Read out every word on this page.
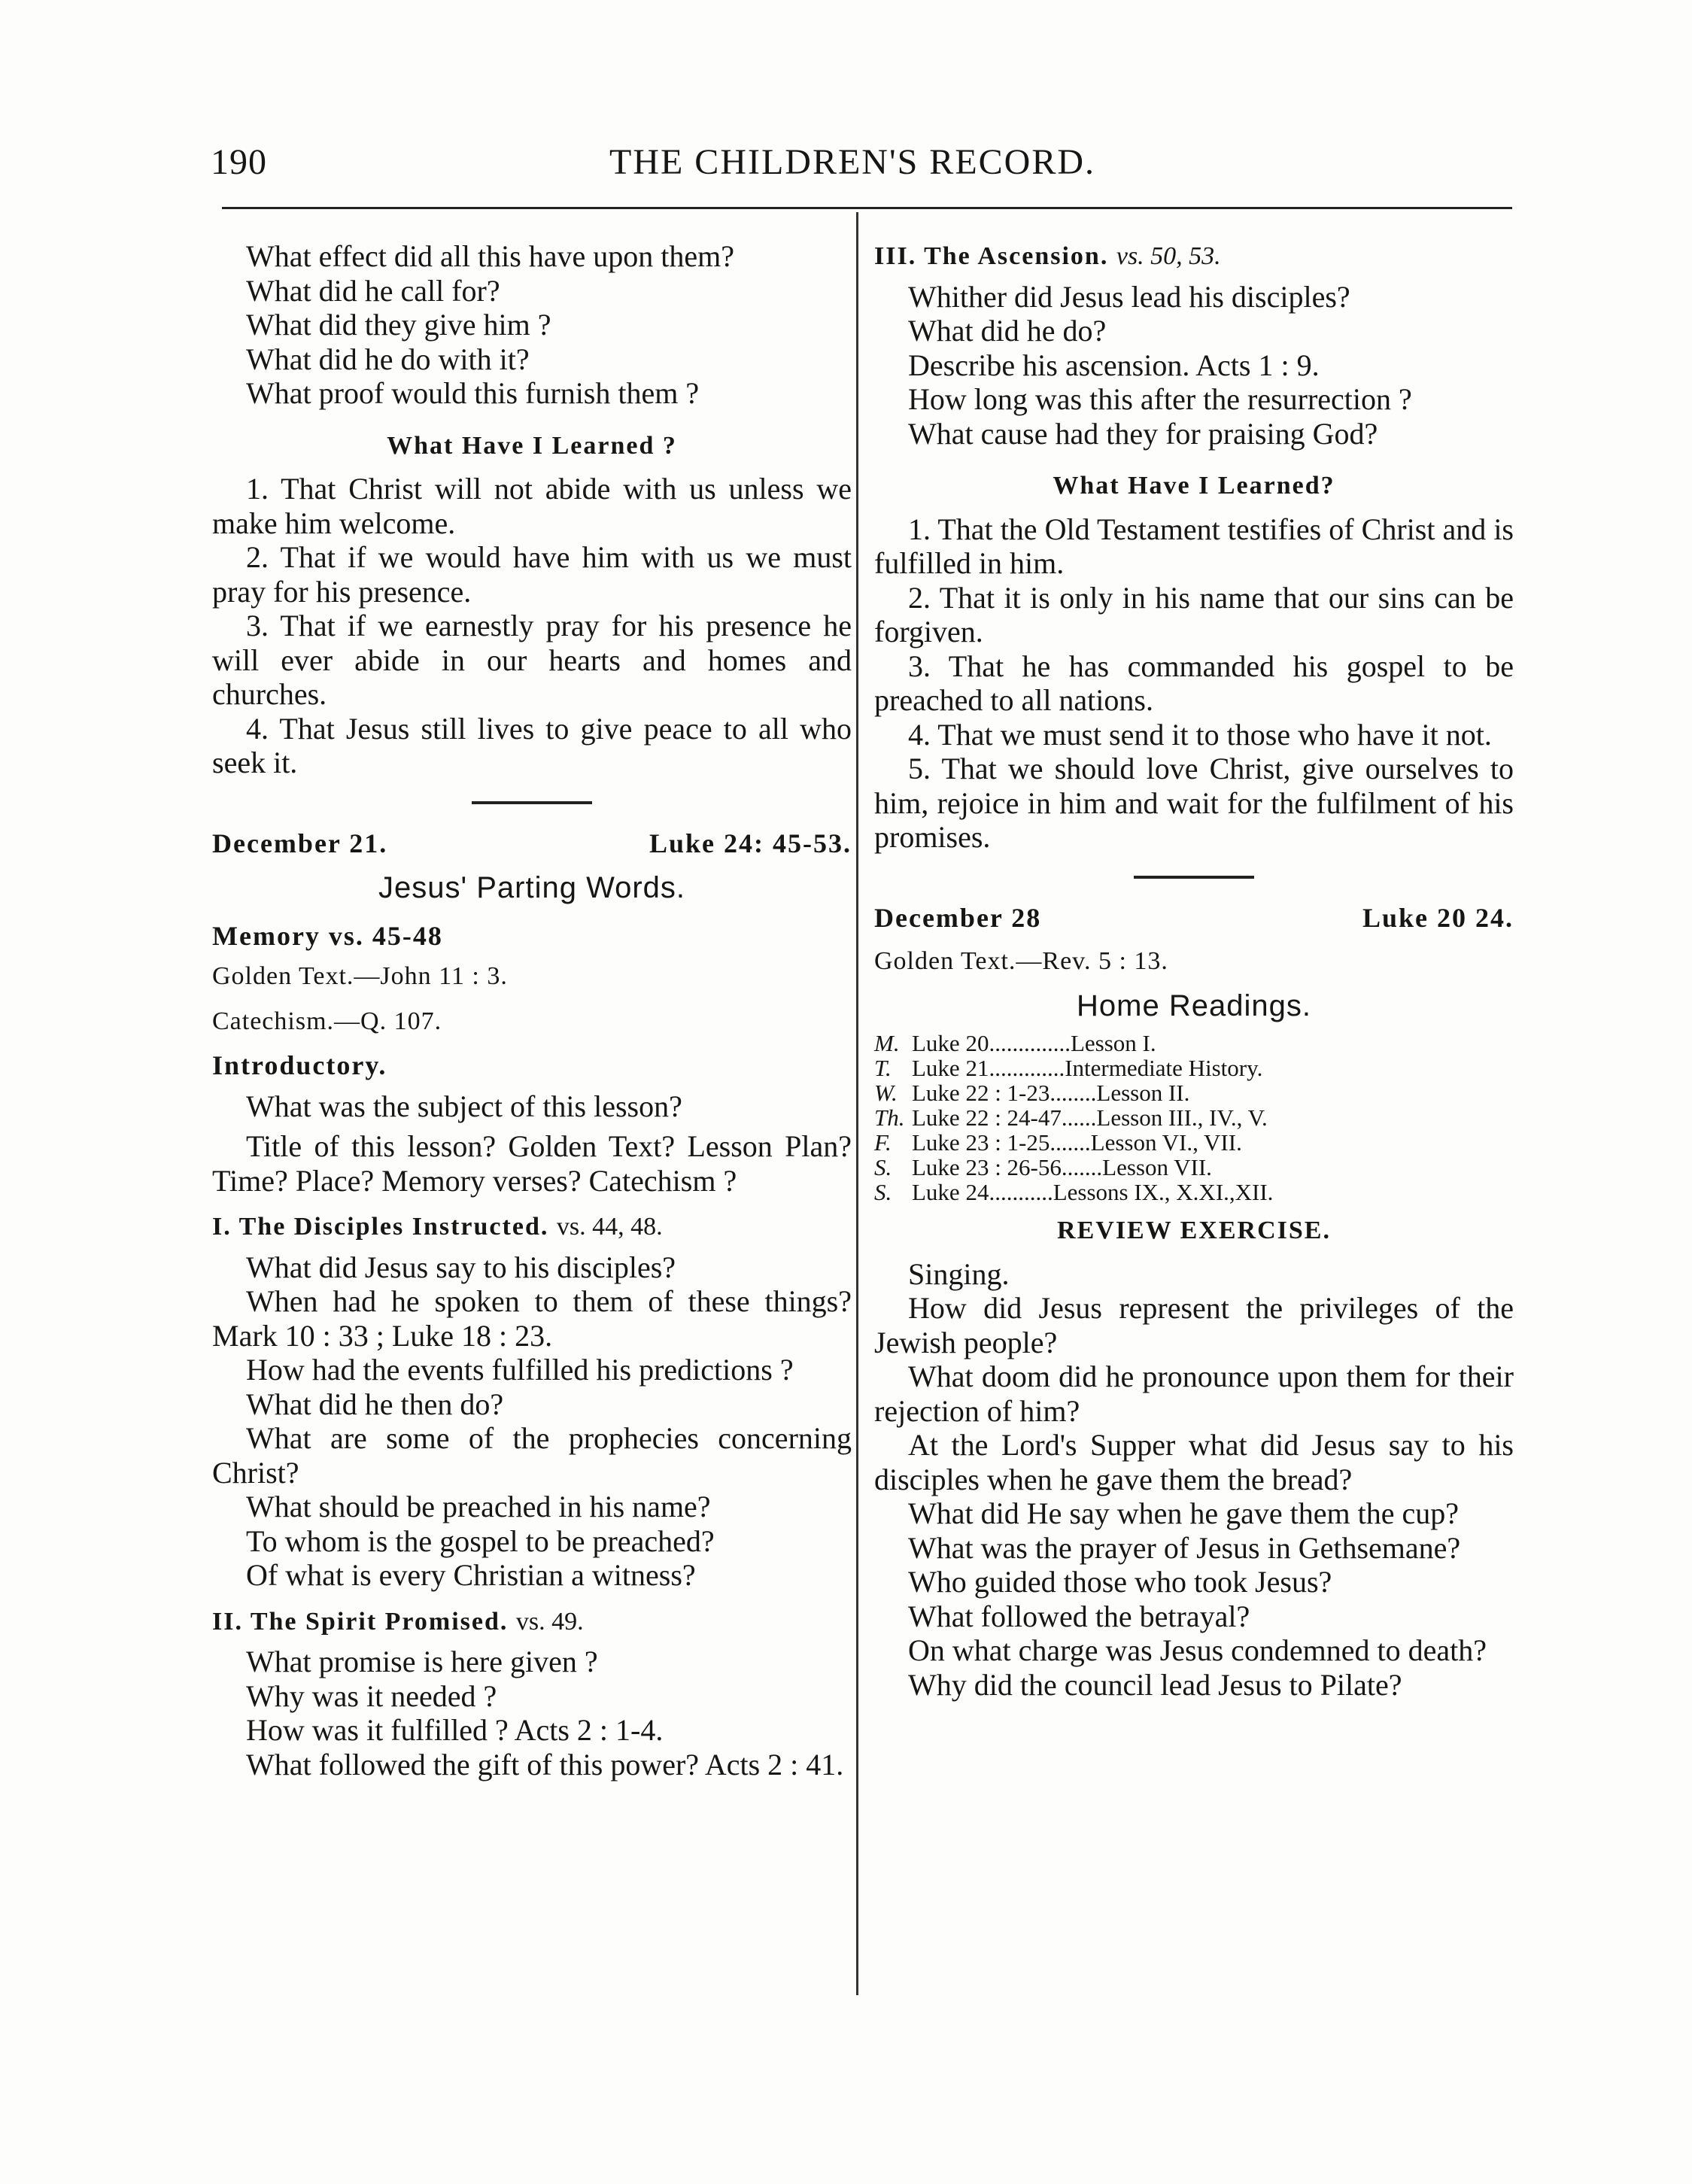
190	THE CHILDREN'S RECORD.

What effect did all this have upon them?

What did he call for?

What did they give him ?

What did he do with it?

What proof would this furnish them ?

What Have I Learned ?

1. That Christ will not abide with us unless we make him welcome.

2. That if we would have him with us we must pray for his presence.

3. That if we earnestly pray for his presence he will ever abide in our hearts and homes and churches.

4. That Jesus still lives to give peace to all who seek it.

December 21.	Luke 24: 45-53.
Jesus' Parting Words.
Memory vs. 45-48
Golden Text.—John 11 : 3.
Catechism.—Q. 107.
Introductory.

What was the subject of this lesson?

Title of this lesson? Golden Text? Lesson Plan? Time? Place? Memory verses? Catechism ?

I. The Disciples Instructed. vs. 44, 48.

What did Jesus say to his disciples?

When had he spoken to them of these things? Mark 10 : 33 ; Luke 18 : 23.

How had the events fulfilled his predictions ?

What did he then do?

What are some of the prophecies concerning Christ?

What should be preached in his name?

To whom is the gospel to be preached?

Of what is every Christian a witness?

II. The Spirit Promised. vs. 49.

What promise is here given ?

Why was it needed ?

How was it fulfilled ? Acts 2 : 1-4.

What followed the gift of this power? Acts 2 : 41.

III. The Ascension. vs. 50, 53.

Whither did Jesus lead his disciples?

What did he do?

Describe his ascension. Acts 1 : 9.

How long was this after the resurrection ?

What cause had they for praising God?

What Have I Learned?

1. That the Old Testament testifies of Christ and is fulfilled in him.

2. That it is only in his name that our sins can be forgiven.

3. That he has commanded his gospel to be preached to all nations.

4. That we must send it to those who have it not.

5. That we should love Christ, give ourselves to him, rejoice in him and wait for the fulfilment of his promises.

December 28	Luke 20 24.
Golden Text.—Rev. 5 : 13.
Home Readings.
M. Luke 20..............Lesson I.
T. Luke 21.............Intermediate History.
W. Luke 22 : 1-23........Lesson II.
Th. Luke 22 : 24-47......Lesson III., IV., V.
F. Luke 23 : 1-25.......Lesson VI., VII.
S. Luke 23 : 26-56.......Lesson VII.
S. Luke 24...........Lessons IX., X.XI.,XII.
REVIEW EXERCISE.

Singing.

How did Jesus represent the privileges of the Jewish people?

What doom did he pronounce upon them for their rejection of him?

At the Lord's Supper what did Jesus say to his disciples when he gave them the bread?

What did He say when he gave them the cup?

What was the prayer of Jesus in Gethsemane?

Who guided those who took Jesus?

What followed the betrayal?

On what charge was Jesus condemned to death?

Why did the council lead Jesus to Pilate?
